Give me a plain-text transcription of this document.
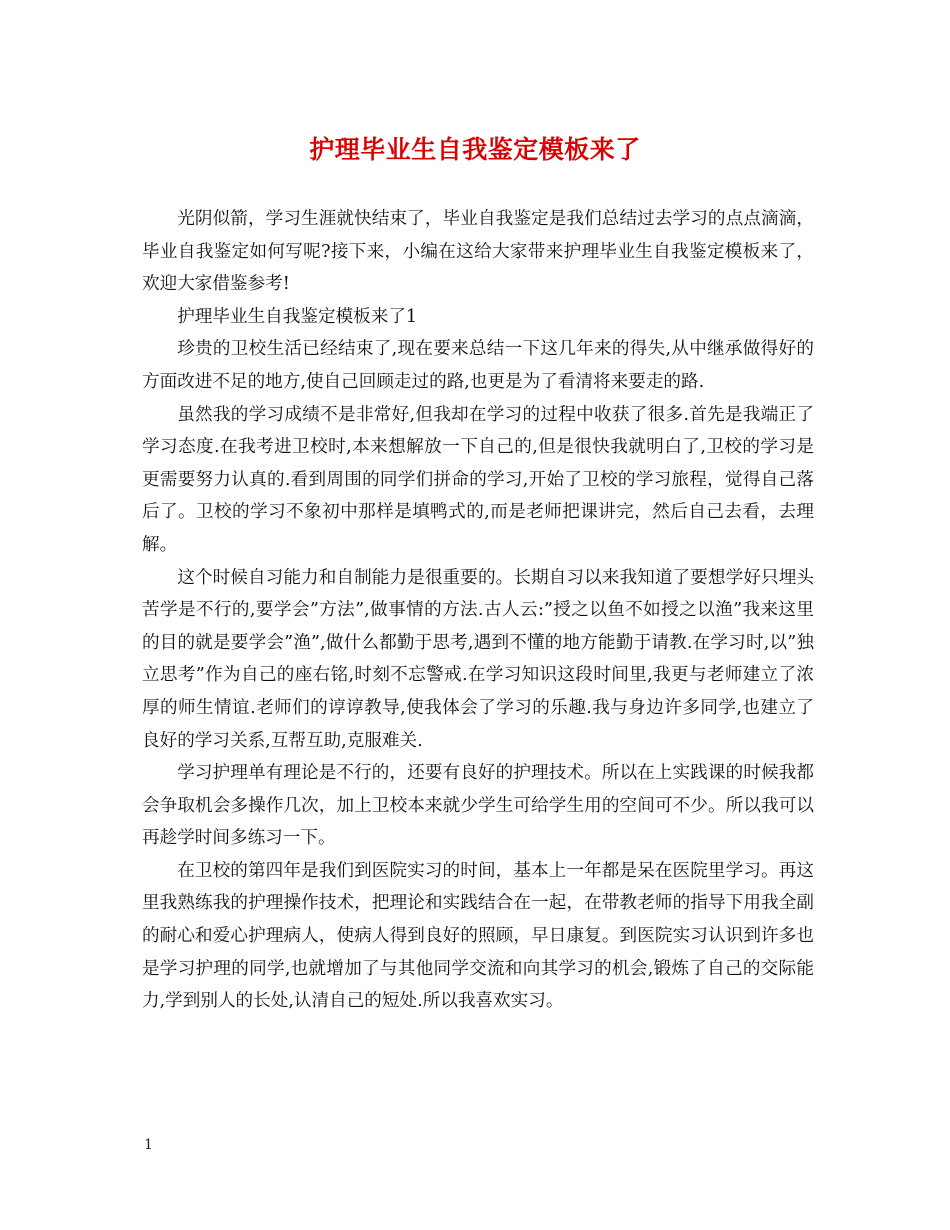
护理毕业生自我鉴定模板来了

光阴似箭，学习生涯就快结束了，毕业自我鉴定是我们总结过去学习的点点滴滴，毕业自我鉴定如何写呢?接下来，小编在这给大家带来护理毕业生自我鉴定模板来了，欢迎大家借鉴参考!

护理毕业生自我鉴定模板来了1

珍贵的卫校生活已经结束了,现在要来总结一下这几年来的得失,从中继承做得好的方面改进不足的地方,使自己回顾走过的路,也更是为了看清将来要走的路.

虽然我的学习成绩不是非常好,但我却在学习的过程中收获了很多.首先是我端正了学习态度.在我考进卫校时,本来想解放一下自己的,但是很快我就明白了,卫校的学习是更需要努力认真的.看到周围的同学们拼命的学习,开始了卫校的学习旅程，觉得自己落后了。卫校的学习不象初中那样是填鸭式的,而是老师把课讲完，然后自己去看，去理解。

这个时候自习能力和自制能力是很重要的。长期自习以来我知道了要想学好只埋头苦学是不行的,要学会”方法”,做事情的方法.古人云:”授之以鱼不如授之以渔”我来这里的目的就是要学会”渔”,做什么都勤于思考,遇到不懂的地方能勤于请教.在学习时,以”独立思考”作为自己的座右铭,时刻不忘警戒.在学习知识这段时间里,我更与老师建立了浓厚的师生情谊.老师们的谆谆教导,使我体会了学习的乐趣.我与身边许多同学,也建立了良好的学习关系,互帮互助,克服难关.

学习护理单有理论是不行的，还要有良好的护理技术。所以在上实践课的时候我都会争取机会多操作几次，加上卫校本来就少学生可给学生用的空间可不少。所以我可以再趁学时间多练习一下。

在卫校的第四年是我们到医院实习的时间，基本上一年都是呆在医院里学习。再这里我熟练我的护理操作技术，把理论和实践结合在一起，在带教老师的指导下用我全副的耐心和爱心护理病人，使病人得到良好的照顾，早日康复。到医院实习认识到许多也是学习护理的同学,也就增加了与其他同学交流和向其学习的机会,锻炼了自己的交际能力,学到别人的长处,认清自己的短处.所以我喜欢实习。

1
